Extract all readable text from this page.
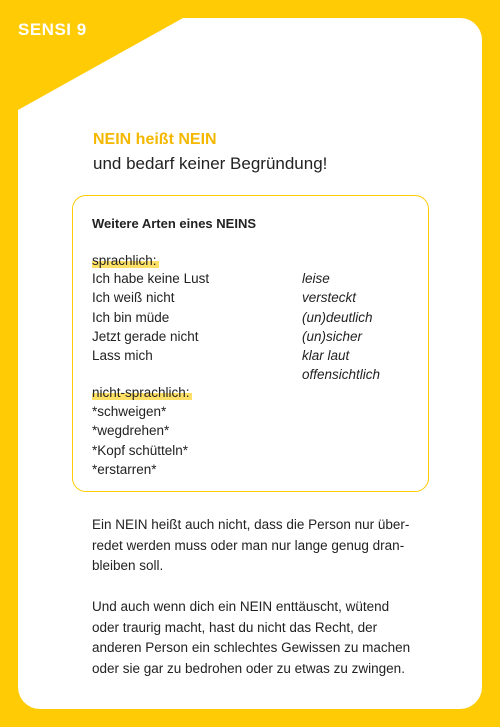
SENSI 9
NEIN heißt NEIN
und bedarf keiner Begründung!
Weitere Arten eines NEINS
sprachlich:
Ich habe keine Lust
Ich weiß nicht
Ich bin müde
Jetzt gerade nicht
Lass mich
leise
versteckt
(un)deutlich
(un)sicher
klar laut
offensichtlich
nicht-sprachlich:
*schweigen*
*wegdrehen*
*Kopf schütteln*
*erstarren*
Ein NEIN heißt auch nicht, dass die Person nur über-
redet werden muss oder man nur lange genug dran-
bleiben soll.
Und auch wenn dich ein NEIN enttäuscht, wütend
oder traurig macht, hast du nicht das Recht, der
anderen Person ein schlechtes Gewissen zu machen
oder sie gar zu bedrohen oder zu etwas zu zwingen.
